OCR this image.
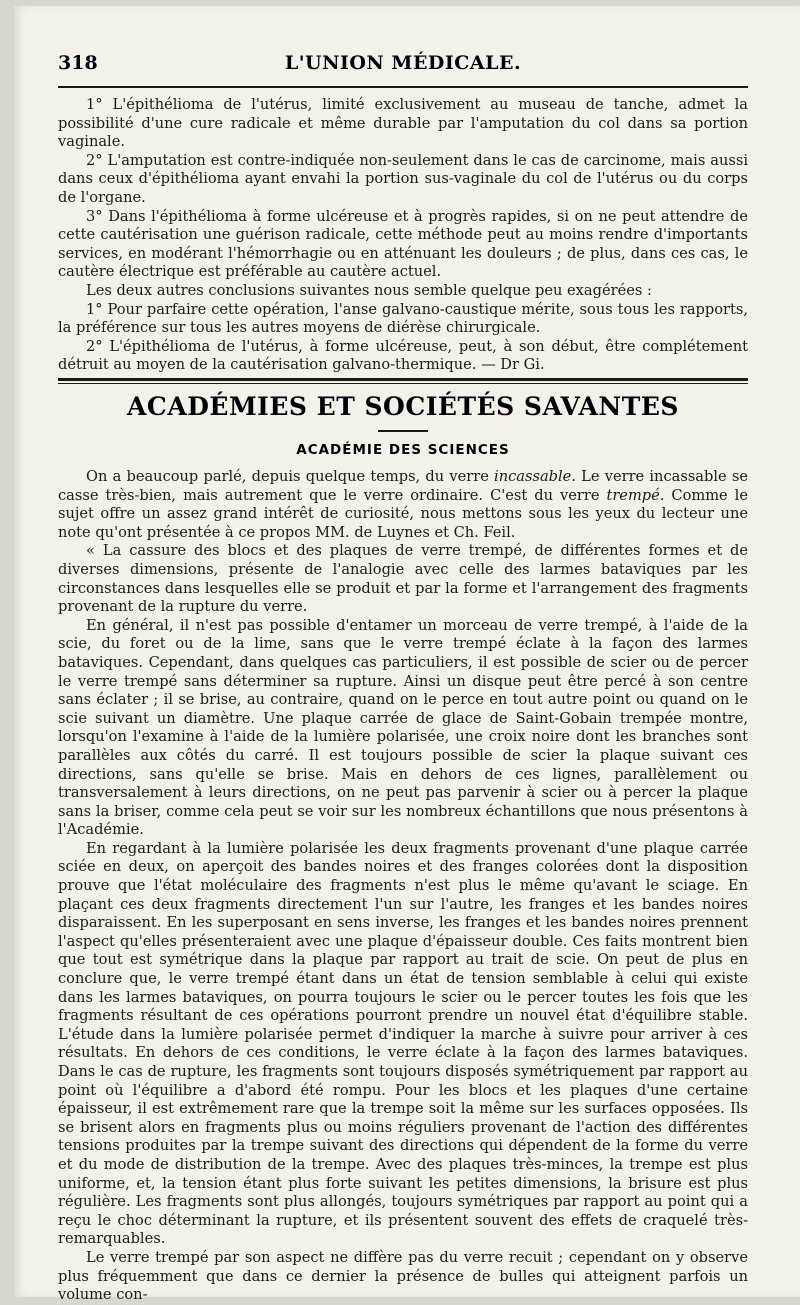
318	L'UNION MÉDICALE.

1° L'épithélioma de l'utérus, limité exclusivement au museau de tanche, admet la possibilité d'une cure radicale et même durable par l'amputation du col dans sa portion vaginale.

2° L'amputation est contre-indiquée non-seulement dans le cas de carcinome, mais aussi dans ceux d'épithélioma ayant envahi la portion sus-vaginale du col de l'utérus ou du corps de l'organe.

3° Dans l'épithélioma à forme ulcéreuse et à progrès rapides, si on ne peut attendre de cette cautérisation une guérison radicale, cette méthode peut au moins rendre d'importants services, en modérant l'hémorrhagie ou en atténuant les douleurs ; de plus, dans ces cas, le cautère électrique est préférable au cautère actuel.

Les deux autres conclusions suivantes nous semble quelque peu exagérées :

1° Pour parfaire cette opération, l'anse galvano-caustique mérite, sous tous les rapports, la préférence sur tous les autres moyens de diérèse chirurgicale.

2° L'épithélioma de l'utérus, à forme ulcéreuse, peut, à son début, être complétement détruit au moyen de la cautérisation galvano-thermique. — Dr Gi.

ACADÉMIES ET SOCIÉTÉS SAVANTES
ACADÉMIE DES SCIENCES

On a beaucoup parlé, depuis quelque temps, du verre incassable. Le verre incassable se casse très-bien, mais autrement que le verre ordinaire. C'est du verre trempé. Comme le sujet offre un assez grand intérêt de curiosité, nous mettons sous les yeux du lecteur une note qu'ont présentée à ce propos MM. de Luynes et Ch. Feil.

« La cassure des blocs et des plaques de verre trempé, de différentes formes et de diverses dimensions, présente de l'analogie avec celle des larmes bataviques par les circonstances dans lesquelles elle se produit et par la forme et l'arrangement des fragments provenant de la rupture du verre.

En général, il n'est pas possible d'entamer un morceau de verre trempé, à l'aide de la scie, du foret ou de la lime, sans que le verre trempé éclate à la façon des larmes bataviques. Cependant, dans quelques cas particuliers, il est possible de scier ou de percer le verre trempé sans déterminer sa rupture. Ainsi un disque peut être percé à son centre sans éclater ; il se brise, au contraire, quand on le perce en tout autre point ou quand on le scie suivant un diamètre. Une plaque carrée de glace de Saint-Gobain trempée montre, lorsqu'on l'examine à l'aide de la lumière polarisée, une croix noire dont les branches sont parallèles aux côtés du carré. Il est toujours possible de scier la plaque suivant ces directions, sans qu'elle se brise. Mais en dehors de ces lignes, parallèlement ou transversalement à leurs directions, on ne peut pas parvenir à scier ou à percer la plaque sans la briser, comme cela peut se voir sur les nombreux échantillons que nous présentons à l'Académie.

En regardant à la lumière polarisée les deux fragments provenant d'une plaque carrée sciée en deux, on aperçoit des bandes noires et des franges colorées dont la disposition prouve que l'état moléculaire des fragments n'est plus le même qu'avant le sciage. En plaçant ces deux fragments directement l'un sur l'autre, les franges et les bandes noires disparaissent. En les superposant en sens inverse, les franges et les bandes noires prennent l'aspect qu'elles présenteraient avec une plaque d'épaisseur double. Ces faits montrent bien que tout est symétrique dans la plaque par rapport au trait de scie. On peut de plus en conclure que, le verre trempé étant dans un état de tension semblable à celui qui existe dans les larmes bataviques, on pourra toujours le scier ou le percer toutes les fois que les fragments résultant de ces opérations pourront prendre un nouvel état d'équilibre stable. L'étude dans la lumière polarisée permet d'indiquer la marche à suivre pour arriver à ces résultats. En dehors de ces conditions, le verre éclate à la façon des larmes bataviques. Dans le cas de rupture, les fragments sont toujours disposés symétriquement par rapport au point où l'équilibre a d'abord été rompu. Pour les blocs et les plaques d'une certaine épaisseur, il est extrêmement rare que la trempe soit la même sur les surfaces opposées. Ils se brisent alors en fragments plus ou moins réguliers provenant de l'action des différentes tensions produites par la trempe suivant des directions qui dépendent de la forme du verre et du mode de distribution de la trempe. Avec des plaques très-minces, la trempe est plus uniforme, et, la tension étant plus forte suivant les petites dimensions, la brisure est plus régulière. Les fragments sont plus allongés, toujours symétriques par rapport au point qui a reçu le choc déterminant la rupture, et ils présentent souvent des effets de craquelé très-remarquables.

Le verre trempé par son aspect ne diffère pas du verre recuit ; cependant on y observe plus fréquemment que dans ce dernier la présence de bulles qui atteignent parfois un volume con-
